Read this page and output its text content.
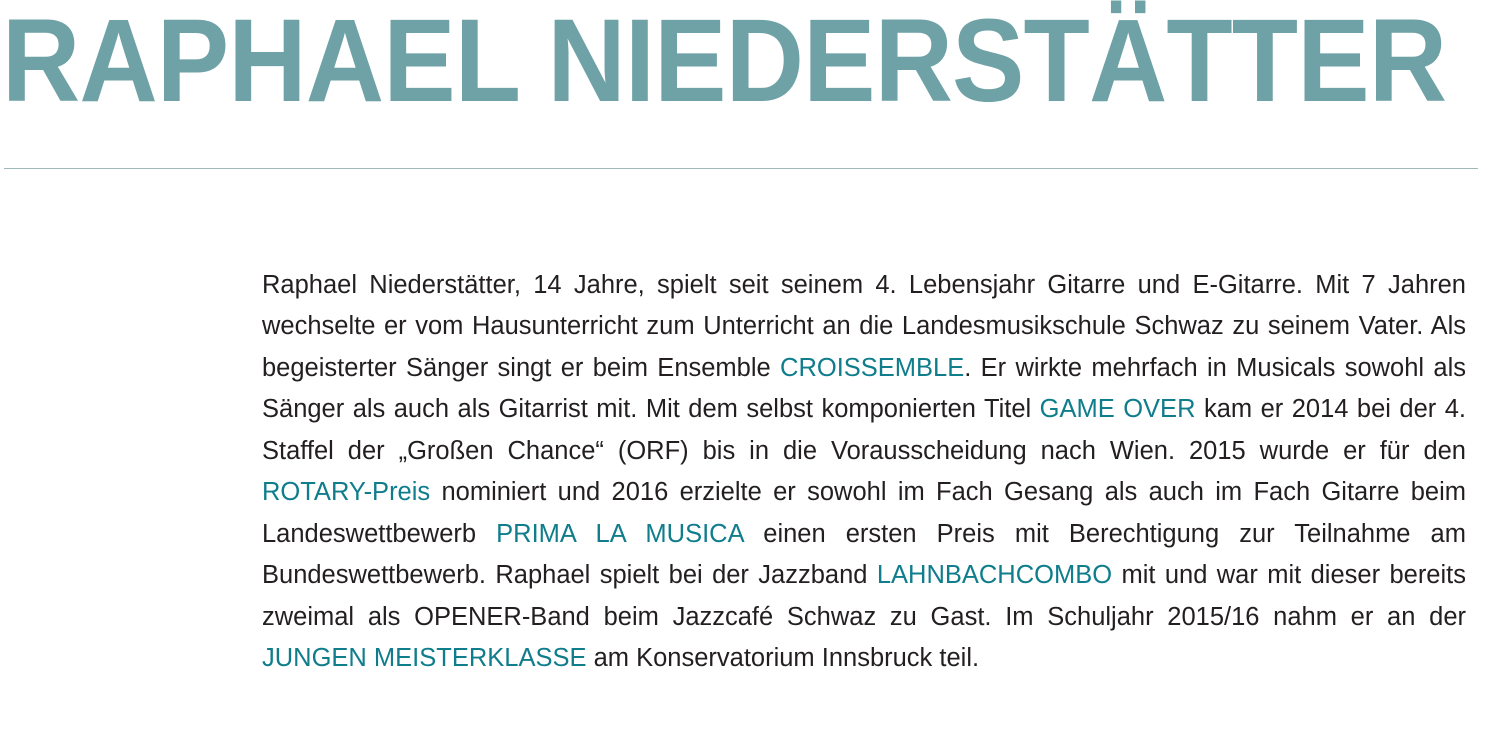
RAPHAEL NIEDERSTÄTTER

Raphael Niederstätter, 14 Jahre, spielt seit seinem 4. Lebensjahr Gitarre und E-Gitarre. Mit 7 Jahren wechselte er vom Hausunterricht zum Unterricht an die Landesmusikschule Schwaz zu seinem Vater. Als begeisterter Sänger singt er beim Ensemble CROISSEMBLE. Er wirkte mehrfach in Musicals sowohl als Sänger als auch als Gitarrist mit. Mit dem selbst komponierten Titel GAME OVER kam er 2014 bei der 4. Staffel der „Großen Chance“ (ORF) bis in die Vorausscheidung nach Wien. 2015 wurde er für den ROTARY-Preis nominiert und 2016 erzielte er sowohl im Fach Gesang als auch im Fach Gitarre beim Landeswettbewerb PRIMA LA MUSICA einen ersten Preis mit Berechtigung zur Teilnahme am Bundeswettbewerb. Raphael spielt bei der Jazzband LAHNBACHCOMBO mit und war mit dieser bereits zweimal als OPENER-Band beim Jazzcafé Schwaz zu Gast. Im Schuljahr 2015/16 nahm er an der JUNGEN MEISTERKLASSE am Konservatorium Innsbruck teil.
